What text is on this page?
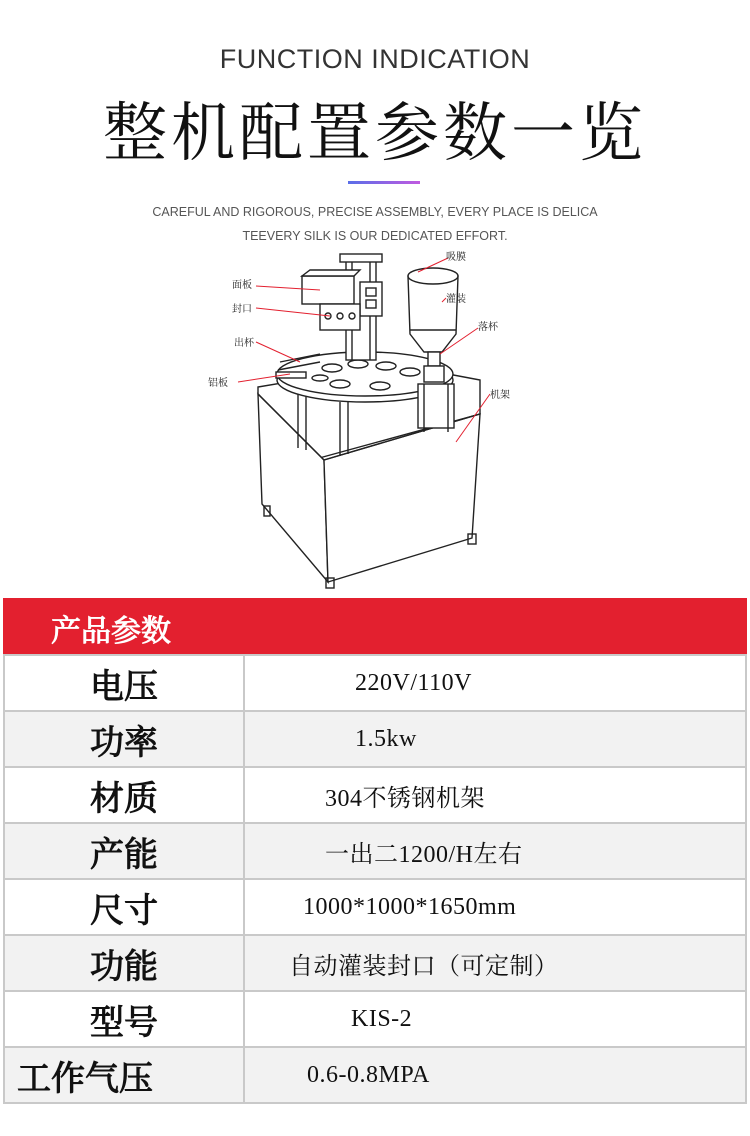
FUNCTION INDICATION
整机配置参数一览
CAREFUL AND RIGOROUS, PRECISE ASSEMBLY, EVERY PLACE IS DELICA
TEEVERY SILK IS OUR DEDICATED EFFORT.
面板
封口
出杯
铝板
吸膜
灌装
落杯
机架
产品参数
电压	220V/110V

功率	1.5kw

材质	304不锈钢机架

产能	一出二1200/H左右

尺寸	1000*1000*1650mm

功能	自动灌装封口（可定制）

型号	KIS-2

工作气压	0.6-0.8MPA
